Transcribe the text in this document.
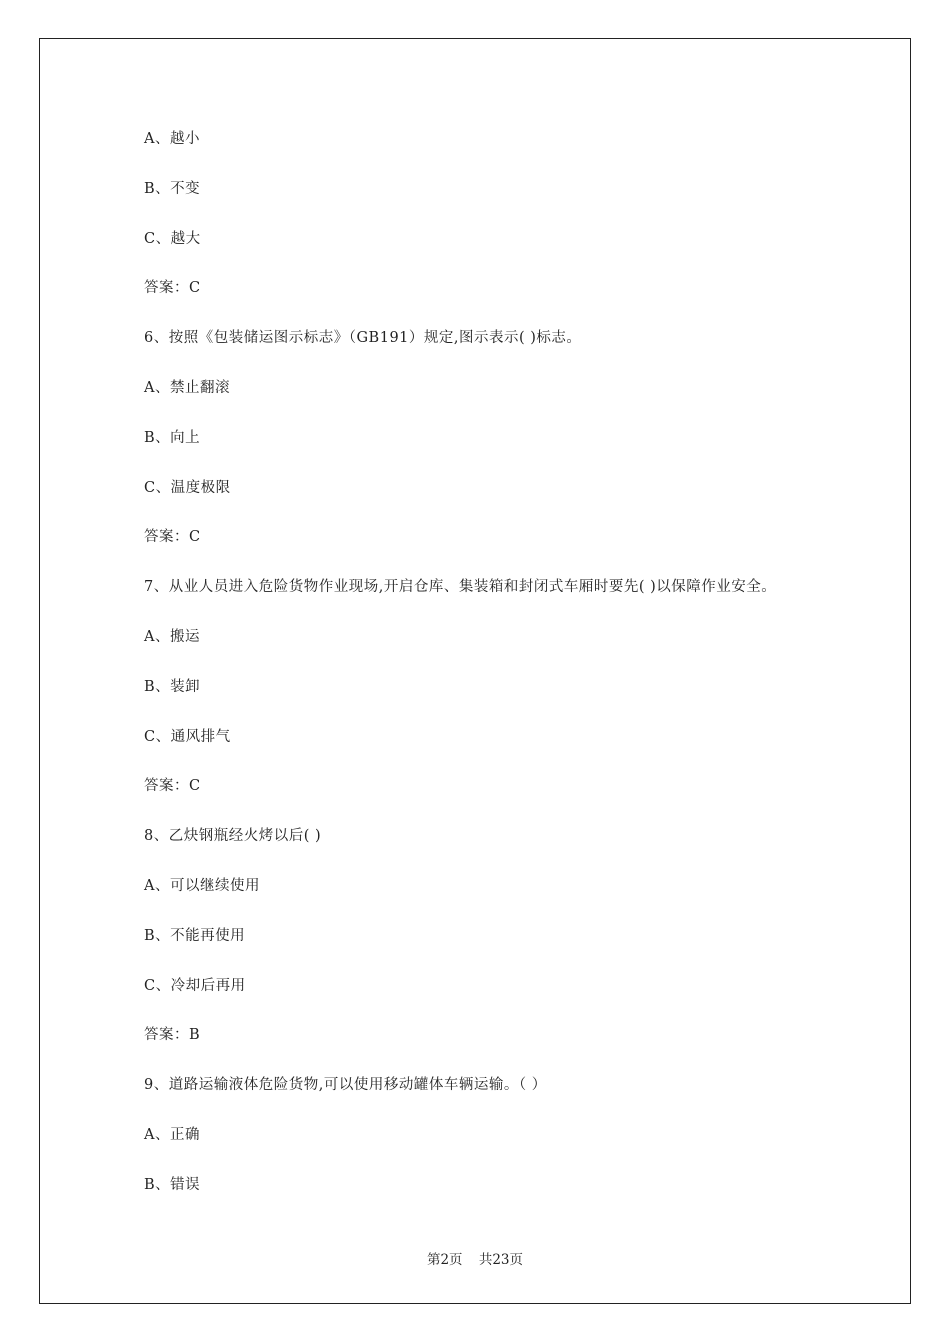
A、越小
B、不变
C、越大
答案：C
6、按照《包装储运图示标志》（GB191）规定,图示表示( )标志。
A、禁止翻滚
B、向上
C、温度极限
答案：C
7、从业人员进入危险货物作业现场,开启仓库、集装箱和封闭式车厢时要先( )以保障作业安全。
A、搬运
B、装卸
C、通风排气
答案：C
8、乙炔钢瓶经火烤以后( )
A、可以继续使用
B、不能再使用
C、冷却后再用
答案：B
9、道路运输液体危险货物,可以使用移动罐体车辆运输。（ ）
A、正确
B、错误
第2页 共23页
